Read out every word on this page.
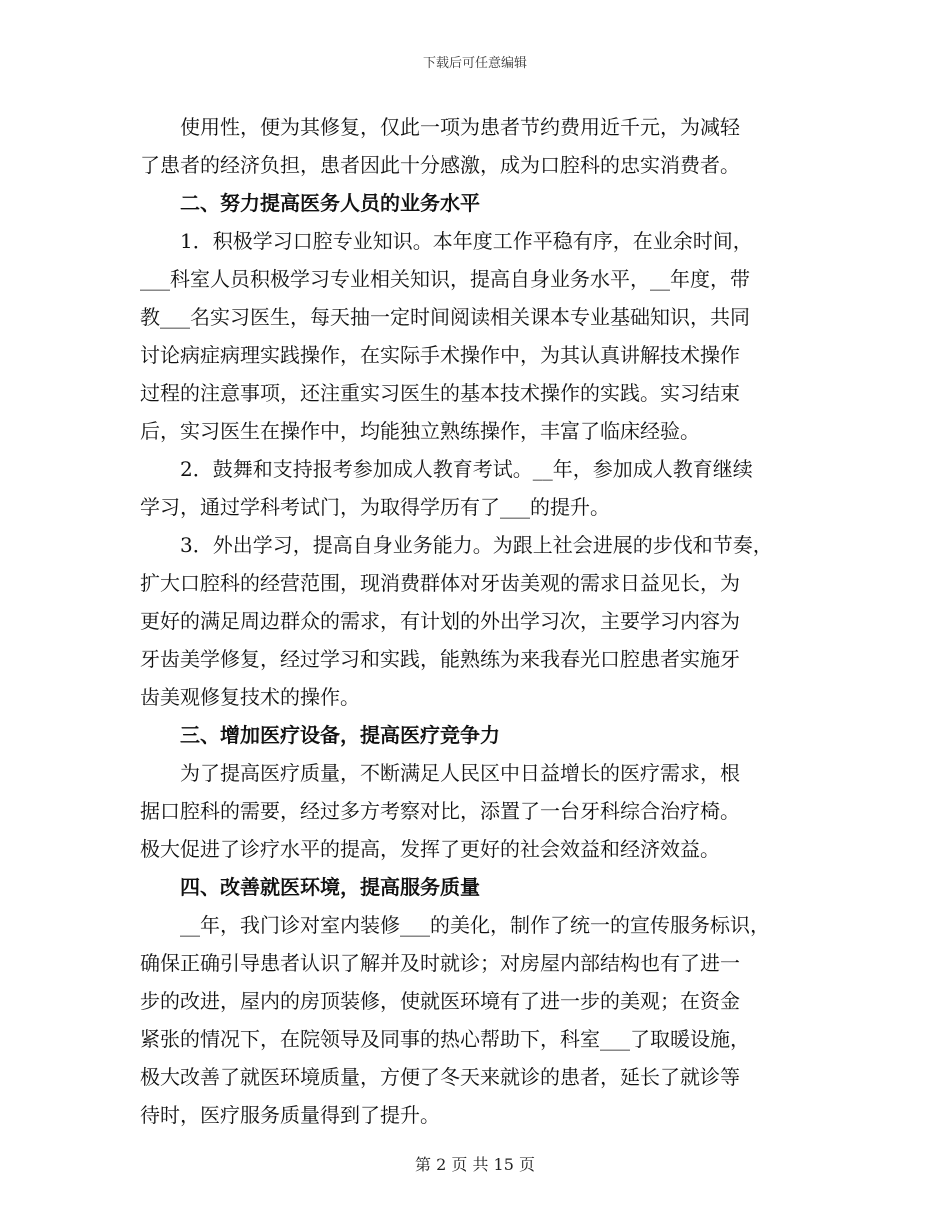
下载后可任意编辑
　　使用性，便为其修复，仅此一项为患者节约费用近千元，为减轻
了患者的经济负担，患者因此十分感激，成为口腔科的忠实消费者。
　　二、努力提高医务人员的业务水平
　　1．积极学习口腔专业知识。本年度工作平稳有序，在业余时间，
___科室人员积极学习专业相关知识，提高自身业务水平，__年度，带
教___名实习医生，每天抽一定时间阅读相关课本专业基础知识，共同
讨论病症病理实践操作，在实际手术操作中，为其认真讲解技术操作
过程的注意事项，还注重实习医生的基本技术操作的实践。实习结束
后，实习医生在操作中，均能独立熟练操作，丰富了临床经验。
　　2．鼓舞和支持报考参加成人教育考试。__年，参加成人教育继续
学习，通过学科考试门，为取得学历有了___的提升。
　　3．外出学习，提高自身业务能力。为跟上社会进展的步伐和节奏，
扩大口腔科的经营范围，现消费群体对牙齿美观的需求日益见长，为
更好的满足周边群众的需求，有计划的外出学习次，主要学习内容为
牙齿美学修复，经过学习和实践，能熟练为来我春光口腔患者实施牙
齿美观修复技术的操作。
　　三、增加医疗设备，提高医疗竞争力
　　为了提高医疗质量，不断满足人民区中日益增长的医疗需求，根
据口腔科的需要，经过多方考察对比，添置了一台牙科综合治疗椅。
极大促进了诊疗水平的提高，发挥了更好的社会效益和经济效益。
　　四、改善就医环境，提高服务质量
　　__年，我门诊对室内装修___的美化，制作了统一的宣传服务标识，
确保正确引导患者认识了解并及时就诊；对房屋内部结构也有了进一
步的改进，屋内的房顶装修，使就医环境有了进一步的美观；在资金
紧张的情况下，在院领导及同事的热心帮助下，科室___了取暖设施，
极大改善了就医环境质量，方便了冬天来就诊的患者，延长了就诊等
待时，医疗服务质量得到了提升。
第 2 页 共 15 页
